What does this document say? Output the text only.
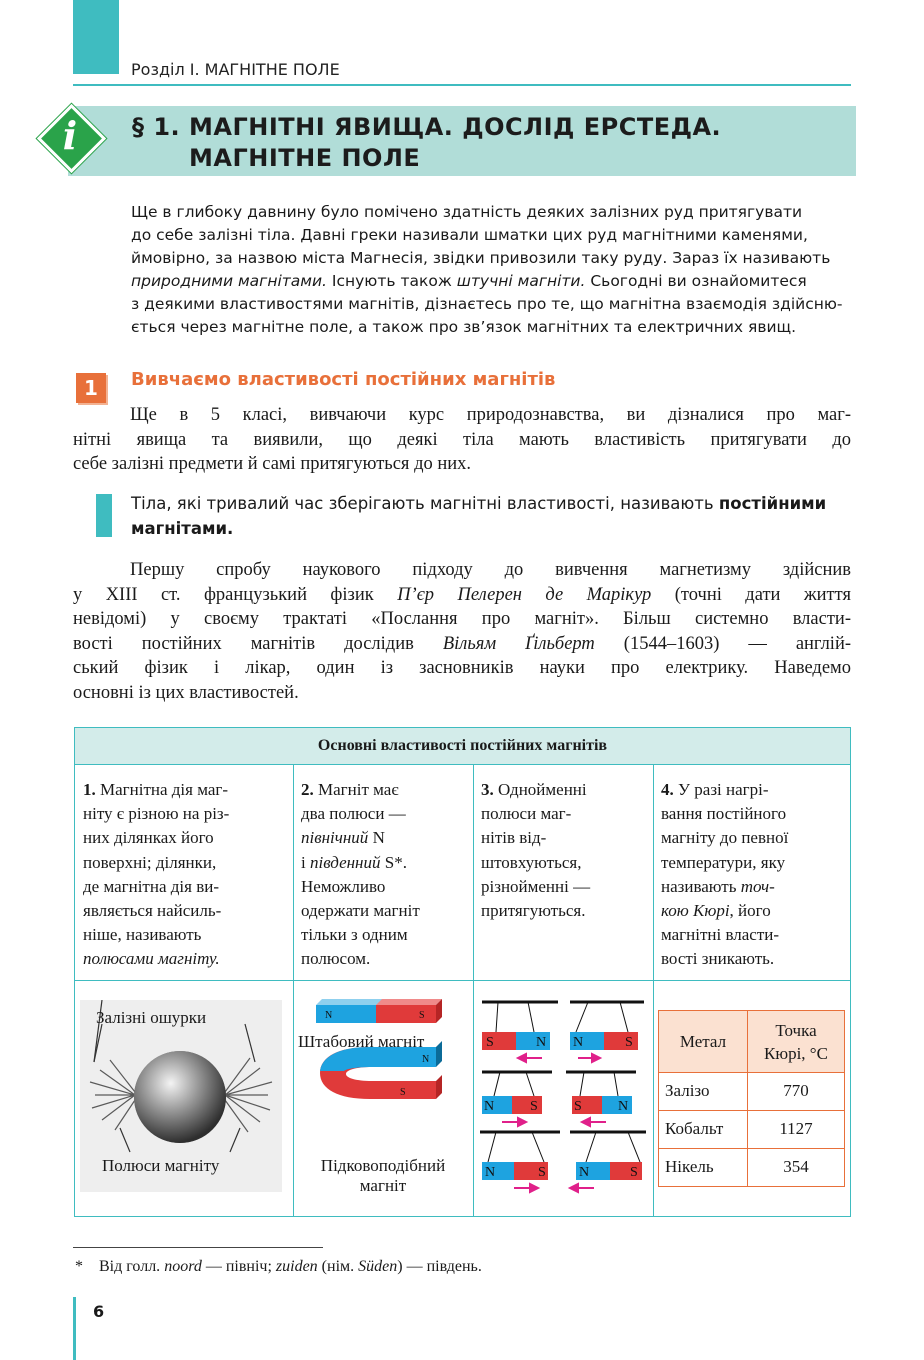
Розділ І. МАГНІТНЕ ПОЛЕ
i § 1. МАГНІТНІ ЯВИЩА. ДОСЛІД ЕРСТЕДА.
МАГНІТНЕ ПОЛЕ
Ще в глибоку давнину було помічено здатність деяких залізних руд притягувати
до себе залізні тіла. Давні греки називали шматки цих руд магнітними каменями,
ймовірно, за назвою міста Магнесія, звідки привозили таку руду. Зараз їх називають
природними магнітами. Існують також штучні магніти. Сьогодні ви ознайомитеся
з деякими властивостями магнітів, дізнаєтесь про те, що магнітна взаємодія здійсню-
ється через магнітне поле, а також про зв’язок магнітних та електричних явищ.
1	Вивчаємо властивості постійних магнітів
Ще в 5 класі, вивчаючи курс природознавства, ви дізналися про маг-
нітні явища та виявили, що деякі тіла мають властивість притягувати до
себе залізні предмети й самі притягуються до них.
Тіла, які тривалий час зберігають магнітні властивості, називають постійними магнітами.
Першу спробу наукового підходу до вивчення магнетизму здійснив
у XIII ст. французький фізик П’єр Пелерен де Марікур (точні дати життя
невідомі) у своєму трактаті «Послання про магніт». Більш системно власти-
вості постійних магнітів дослідив Вільям Ґільберт (1544–1603) — англій-
ський фізик і лікар, один із засновників науки про електрику. Наведемо
основні із цих властивостей.
Основні властивості постійних магнітів
1. Магнітна дія маг-
ніту є різною на різ-
них ділянках його
поверхні; ділянки,
де магнітна дія ви-
являється найсиль-
ніше, називають
полюсами магніту.
2. Магніт має
два полюси —
північний N
і південний S*.
Неможливо
одержати магніт
тільки з одним
полюсом.
3. Однойменні
полюси маг-
нітів від-
штовхуються,
різнойменні —
притягуються.
4. У разі нагрі-
вання постійного
магніту до певної
температури, яку
називають точ-
кою Кюрі, його
магнітні власти-
вості зникають.
Залізні ошурки
Полюси магніту
N	S
N
S
Штабовий магніт
Підковоподібний
магніт
S	N N	S
N	S	S	N
N	S N	S
Метал
Точка
Кюрі, °С
Залізо	770
Кобальт	1127
Нікель	354
* Від голл. noord — північ; zuiden (нім. Süden) — південь.
6
